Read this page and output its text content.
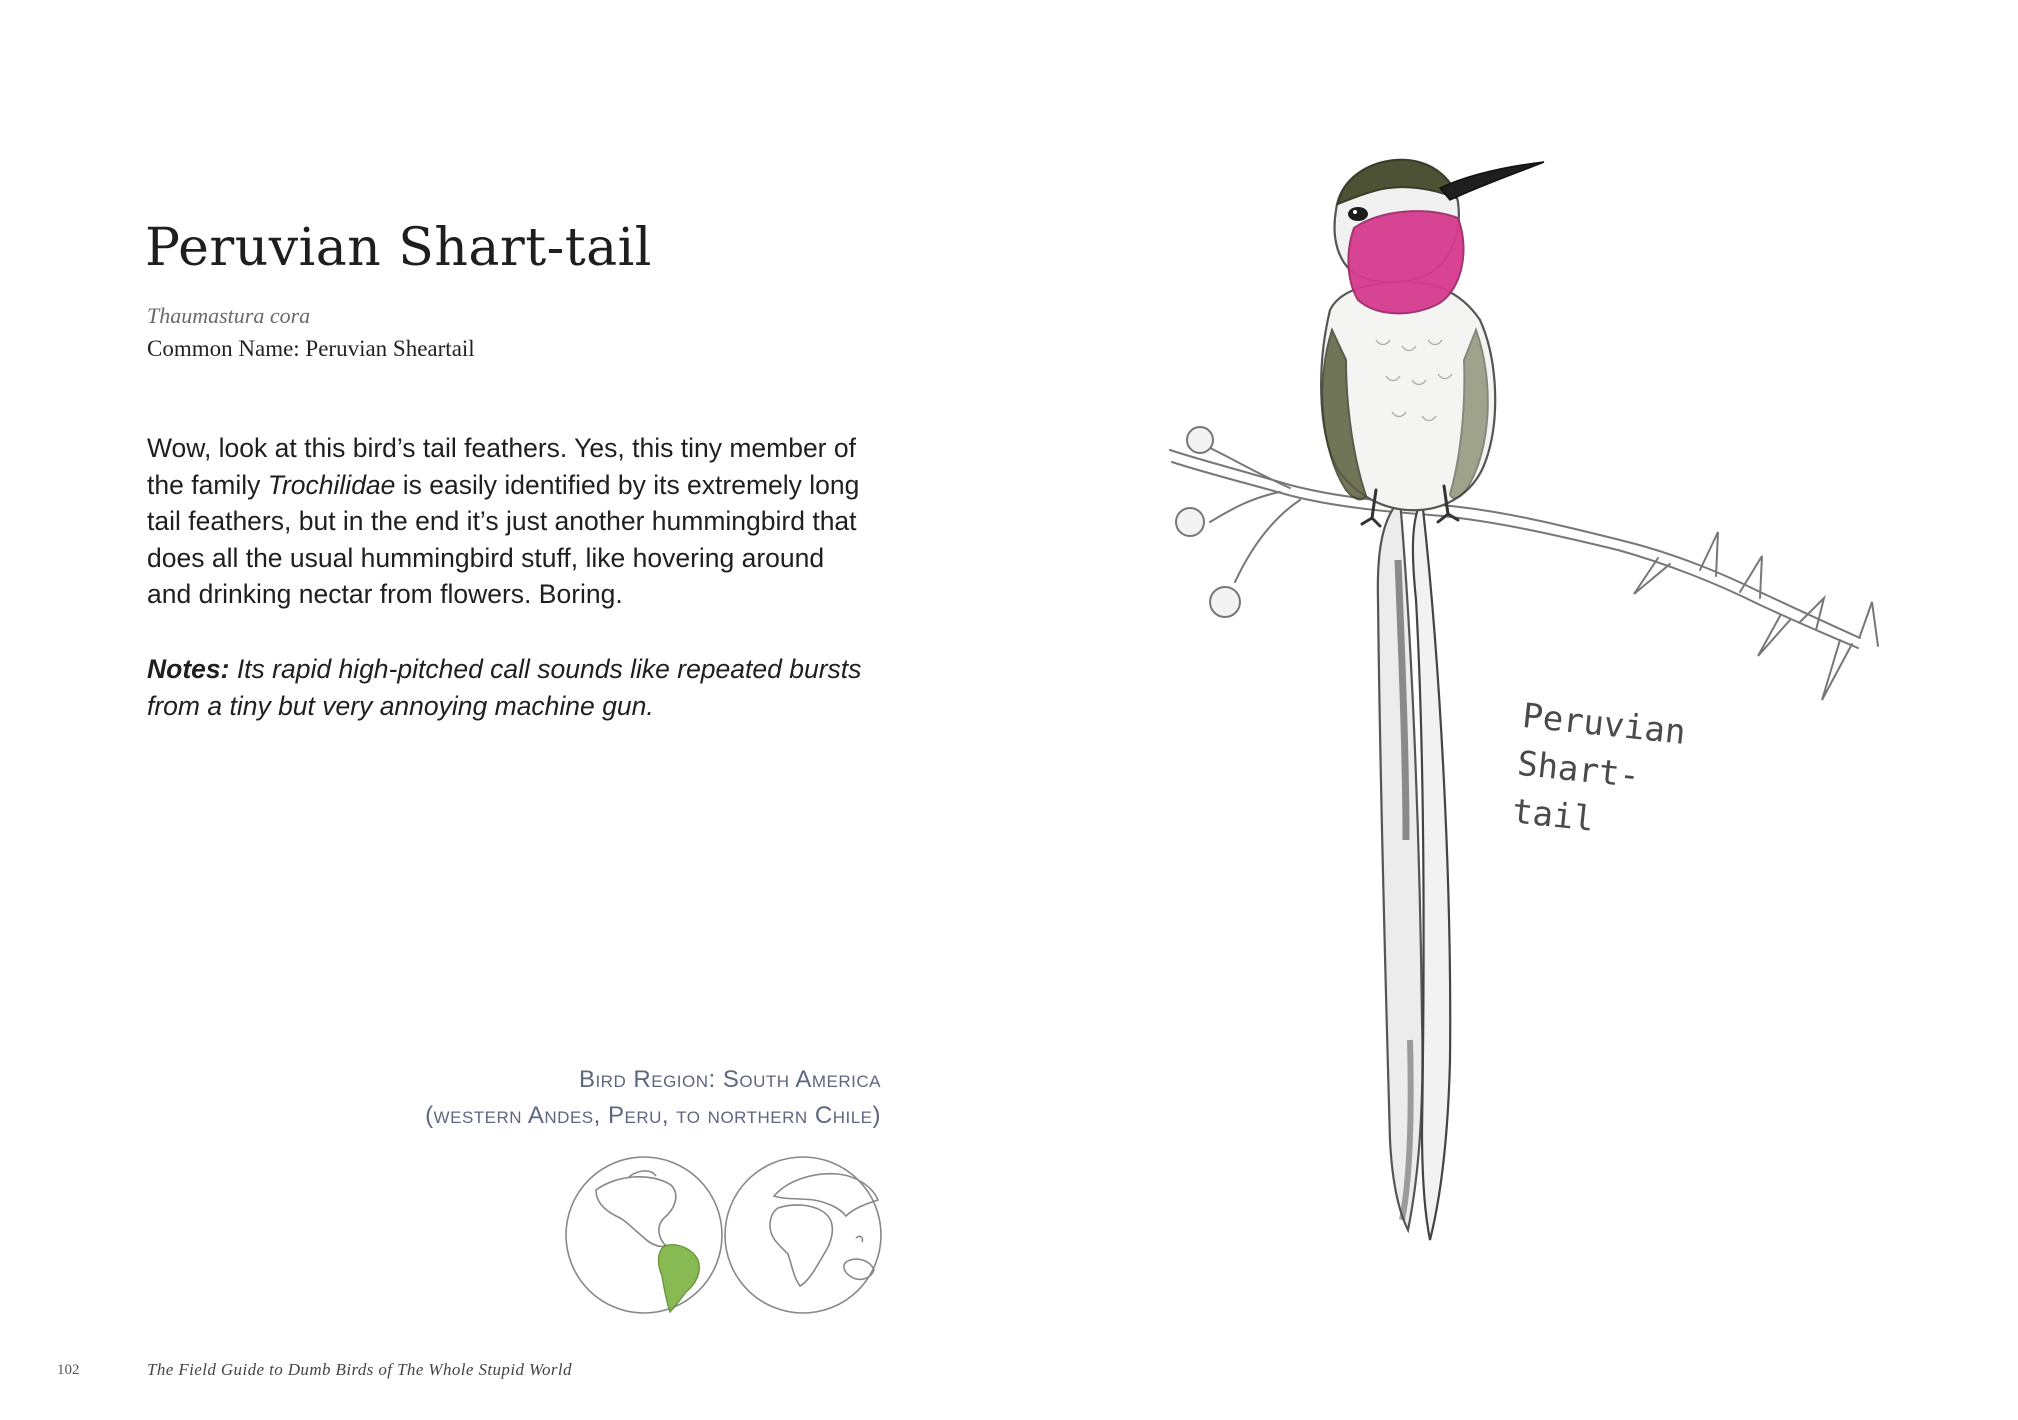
Peruvian Shart-tail
Thaumastura cora
Common Name: Peruvian Sheartail
Wow, look at this bird’s tail feathers. Yes, this tiny member of
the family Trochilidae is easily identified by its extremely long
tail feathers, but in the end it’s just another hummingbird that
does all the usual hummingbird stuff, like hovering around
and drinking nectar from flowers. Boring.
Notes: Its rapid high-pitched call sounds like repeated bursts
from a tiny but very annoying machine gun.
Bird Region: South America
(western Andes, Peru, to northern Chile)
102	The Field Guide to Dumb Birds of The Whole Stupid World
Peruvian
Shart-
tail
